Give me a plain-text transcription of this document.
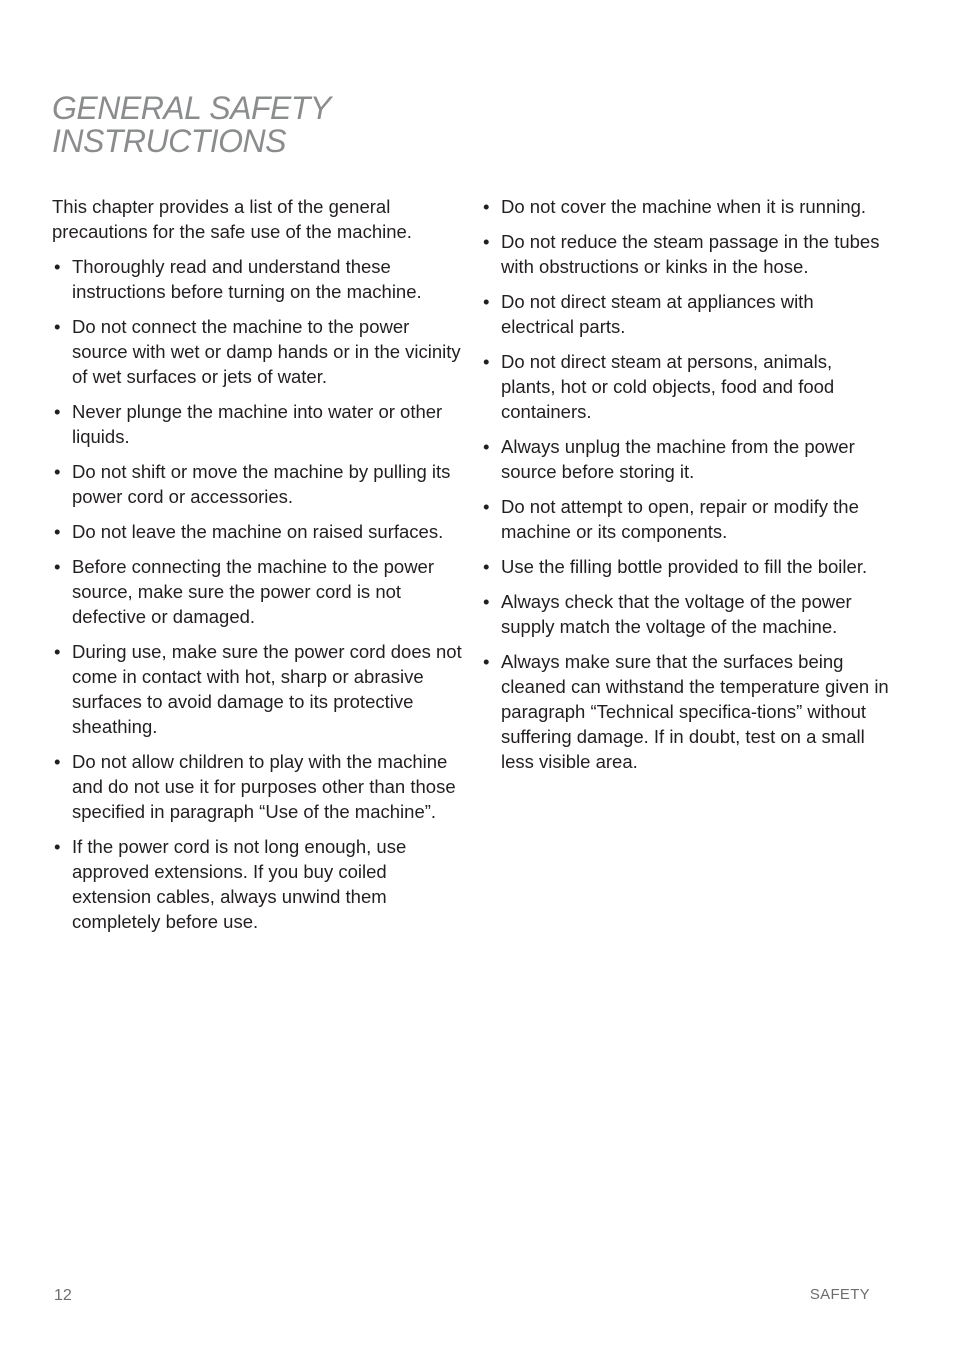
GENERAL SAFETY
INSTRUCTIONS

This chapter provides a list of the general precautions for the safe use of the machine.

• Thoroughly read and understand these instructions before turning on the machine.
• Do not connect the machine to the power source with wet or damp hands or in the vicinity of wet surfaces or jets of water.
• Never plunge the machine into water or other liquids.
• Do not shift or move the machine by pulling its power cord or accessories.
• Do not leave the machine on raised surfaces.
• Before connecting the machine to the power source, make sure the power cord is not defective or damaged.
• During use, make sure the power cord does not come in contact with hot, sharp or abrasive surfaces to avoid damage to its protective sheathing.
• Do not allow children to play with the machine and do not use it for purposes other than those specified in paragraph “Use of the machine”.
• If the power cord is not long enough, use approved extensions. If you buy coiled extension cables, always unwind them completely before use.
• Do not cover the machine when it is running.
• Do not reduce the steam passage in the tubes with obstructions or kinks in the hose.
• Do not direct steam at appliances with electrical parts.
• Do not direct steam at persons, animals, plants, hot or cold objects, food and food containers.
• Always unplug the machine from the power source before storing it.
• Do not attempt to open, repair or modify the machine or its components.
• Use the filling bottle provided to fill the boiler.
• Always check that the voltage of the power supply match the voltage of the machine.
• Always make sure that the surfaces being cleaned can withstand the temperature given in paragraph “Technical specifica-tions” without suffering damage. If in doubt, test on a small less visible area.
12	SAFETY
